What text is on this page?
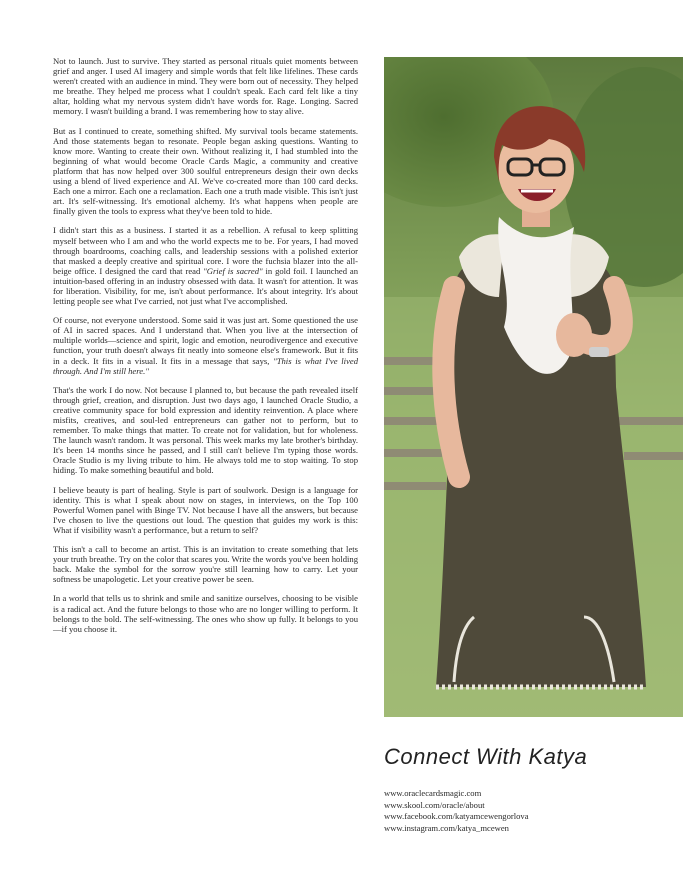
Not to launch. Just to survive. They started as personal rituals quiet moments between grief and anger. I used AI imagery and simple words that felt like lifelines. These cards weren't created with an audience in mind. They were born out of necessity. They helped me breathe. They helped me process what I couldn't speak. Each card felt like a tiny altar, holding what my nervous system didn't have words for. Rage. Longing. Sacred memory. I wasn't building a brand. I was remembering how to stay alive.

But as I continued to create, something shifted. My survival tools became statements. And those statements began to resonate. People began asking questions. Wanting to know more. Wanting to create their own. Without realizing it, I had stumbled into the beginning of what would become Oracle Cards Magic, a community and creative platform that has now helped over 300 soulful entrepreneurs design their own decks using a blend of lived experience and AI. We've co-created more than 100 card decks. Each one a mirror. Each one a reclamation. Each one a truth made visible. This isn't just art. It's self-witnessing. It's emotional alchemy. It's what happens when people are finally given the tools to express what they've been told to hide.

I didn't start this as a business. I started it as a rebellion. A refusal to keep splitting myself between who I am and who the world expects me to be. For years, I had moved through boardrooms, coaching calls, and leadership sessions with a polished exterior that masked a deeply creative and spiritual core. I wore the fuchsia blazer into the all-beige office. I designed the card that read "Grief is sacred" in gold foil. I launched an intuition-based offering in an industry obsessed with data. It wasn't for attention. It was for liberation. Visibility, for me, isn't about performance. It's about integrity. It's about letting people see what I've carried, not just what I've accomplished.

Of course, not everyone understood. Some said it was just art. Some questioned the use of AI in sacred spaces. And I understand that. When you live at the intersection of multiple worlds—science and spirit, logic and emotion, neurodivergence and executive function, your truth doesn't always fit neatly into someone else's framework. But it fits in a deck. It fits in a visual. It fits in a message that says, "This is what I've lived through. And I'm still here."

That's the work I do now. Not because I planned to, but because the path revealed itself through grief, creation, and disruption. Just two days ago, I launched Oracle Studio, a creative community space for bold expression and identity reinvention. A place where misfits, creatives, and soul-led entrepreneurs can gather not to perform, but to remember. To make things that matter. To create not for validation, but for wholeness. The launch wasn't random. It was personal. This week marks my late brother's birthday. It's been 14 months since he passed, and I still can't believe I'm typing those words. Oracle Studio is my living tribute to him. He always told me to stop waiting. To stop hiding. To make something beautiful and bold.

I believe beauty is part of healing. Style is part of soulwork. Design is a language for identity. This is what I speak about now on stages, in interviews, on the Top 100 Powerful Women panel with Binge TV. Not because I have all the answers, but because I've chosen to live the questions out loud. The question that guides my work is this: What if visibility wasn't a performance, but a return to self?

This isn't a call to become an artist. This is an invitation to create something that lets your truth breathe. Try on the color that scares you. Write the words you've been holding back. Make the symbol for the sorrow you're still learning how to carry. Let your softness be unapologetic. Let your creative power be seen.

In a world that tells us to shrink and smile and sanitize ourselves, choosing to be visible is a radical act. And the future belongs to those who are no longer willing to perform. It belongs to the bold. The self-witnessing. The ones who show up fully. It belongs to you—if you choose it.

Connect With Katya
www.oraclecardsmagic.com
www.skool.com/oracle/about
www.facebook.com/katyamcewengorlova
www.instagram.com/katya_mcewen
